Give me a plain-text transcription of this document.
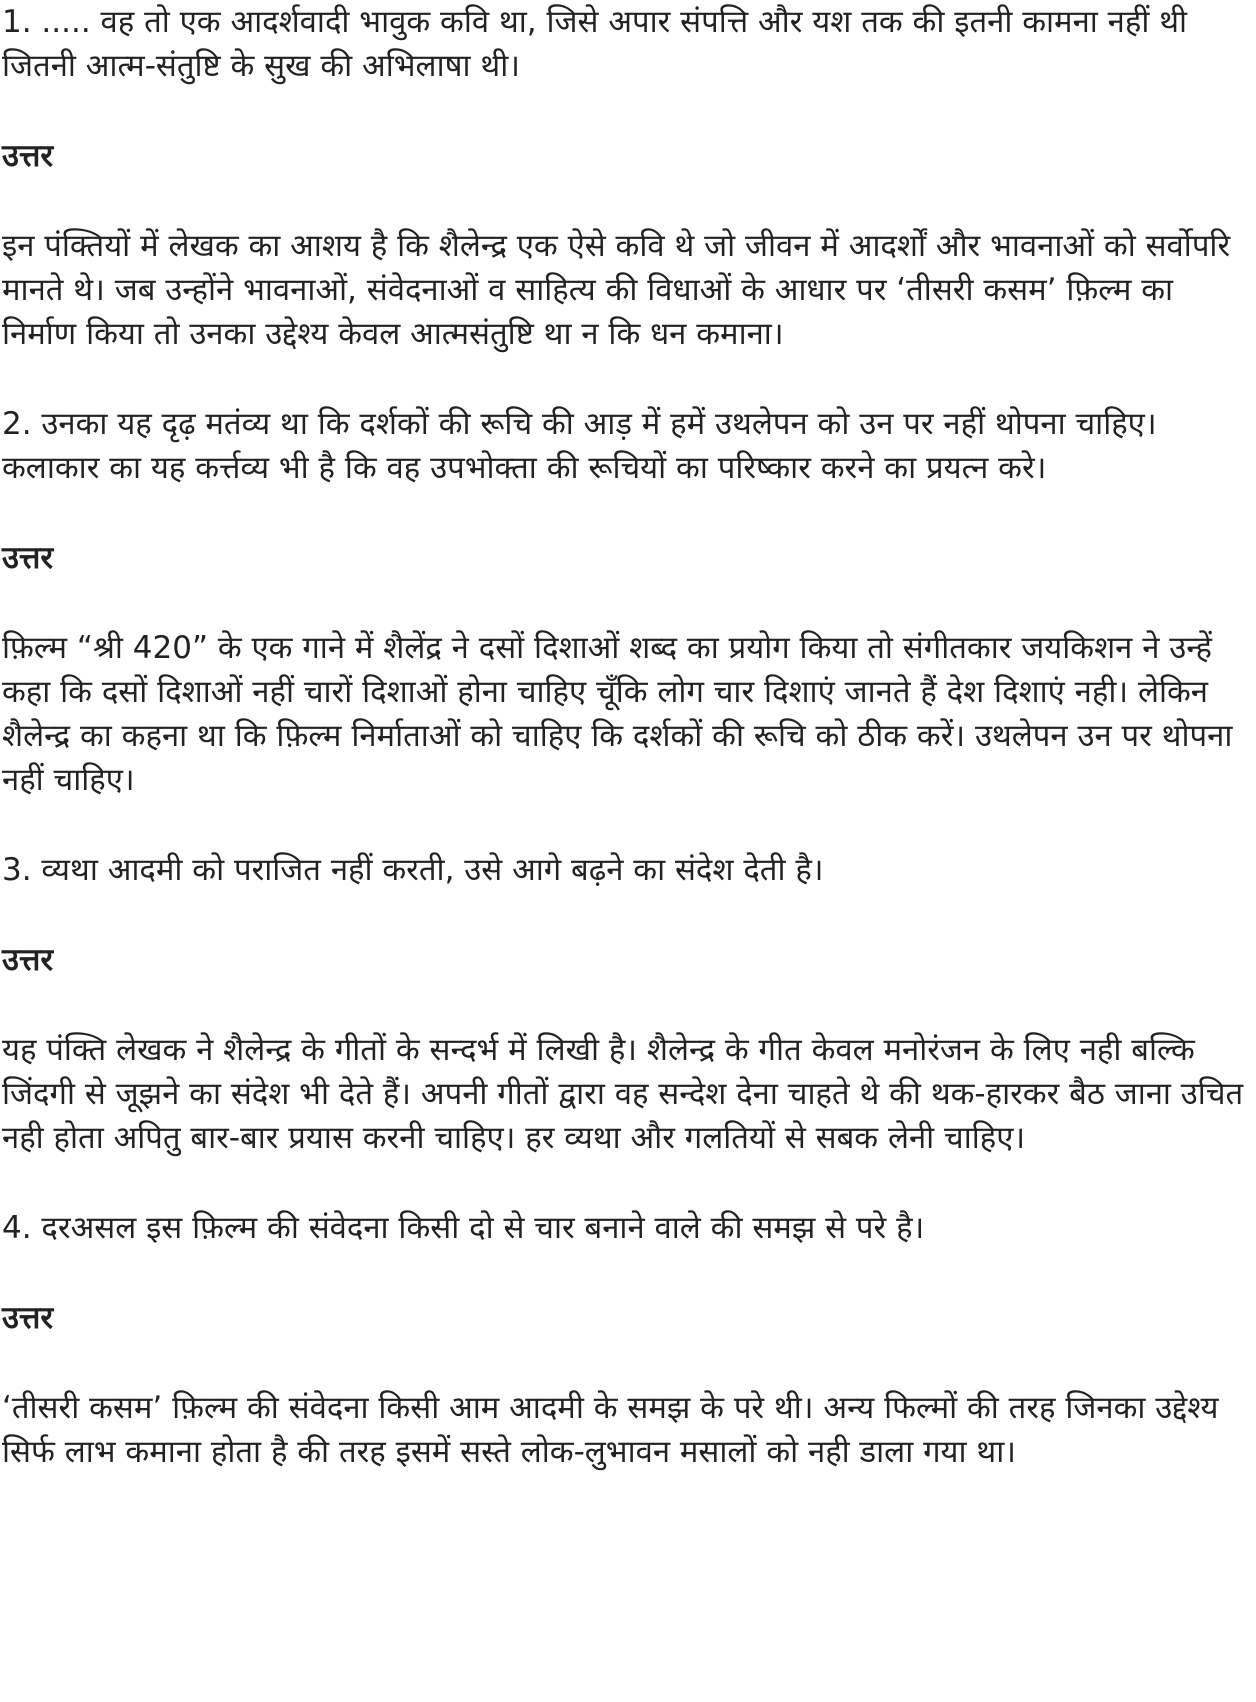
1. ..... वह तो एक आदर्शवादी भावुक कवि था, जिसे अपार संपत्ति और यश तक की इतनी कामना नहीं थी जितनी आत्म-संतुष्टि के सुख की अभिलाषा थी।

उत्तर

इन पंक्तियों में लेखक का आशय है कि शैलेन्द्र एक ऐसे कवि थे जो जीवन में आदर्शों और भावनाओं को सर्वोपरि मानते थे। जब उन्होंने भावनाओं, संवेदनाओं व साहित्य की विधाओं के आधार पर ‘तीसरी कसम’ फ़िल्म का निर्माण किया तो उनका उद्देश्य केवल आत्मसंतुष्टि था न कि धन कमाना।

2. उनका यह दृढ़ मतंव्य था कि दर्शकों की रूचि की आड़ में हमें उथलेपन को उन पर नहीं थोपना चाहिए। कलाकार का यह कर्त्तव्य भी है कि वह उपभोक्ता की रूचियों का परिष्कार करने का प्रयत्न करे।

उत्तर

फ़िल्म “श्री 420” के एक गाने में शैलेंद्र ने दसों दिशाओं शब्द का प्रयोग किया तो संगीतकार जयकिशन ने उन्हें कहा कि दसों दिशाओं नहीं चारों दिशाओं होना चाहिए चूँकि लोग चार दिशाएं जानते हैं देश दिशाएं नही। लेकिन शैलेन्द्र का कहना था कि फ़िल्म निर्माताओं को चाहिए कि दर्शकों की रूचि को ठीक करें। उथलेपन उन पर थोपना नहीं चाहिए।

3. व्यथा आदमी को पराजित नहीं करती, उसे आगे बढ़ने का संदेश देती है।

उत्तर

यह पंक्ति लेखक ने शैलेन्द्र के गीतों के सन्दर्भ में लिखी है। शैलेन्द्र के गीत केवल मनोरंजन के लिए नही बल्कि जिंदगी से जूझने का संदेश भी देते हैं। अपनी गीतों द्वारा वह सन्देश देना चाहते थे की थक-हारकर बैठ जाना उचित नही होता अपितु बार-बार प्रयास करनी चाहिए। हर व्यथा और गलतियों से सबक लेनी चाहिए।

4. दरअसल इस फ़िल्म की संवेदना किसी दो से चार बनाने वाले की समझ से परे है।

उत्तर

‘तीसरी कसम’ फ़िल्म की संवेदना किसी आम आदमी के समझ के परे थी। अन्य फिल्मों की तरह जिनका उद्देश्य सिर्फ लाभ कमाना होता है की तरह इसमें सस्ते लोक-लुभावन मसालों को नही डाला गया था।
